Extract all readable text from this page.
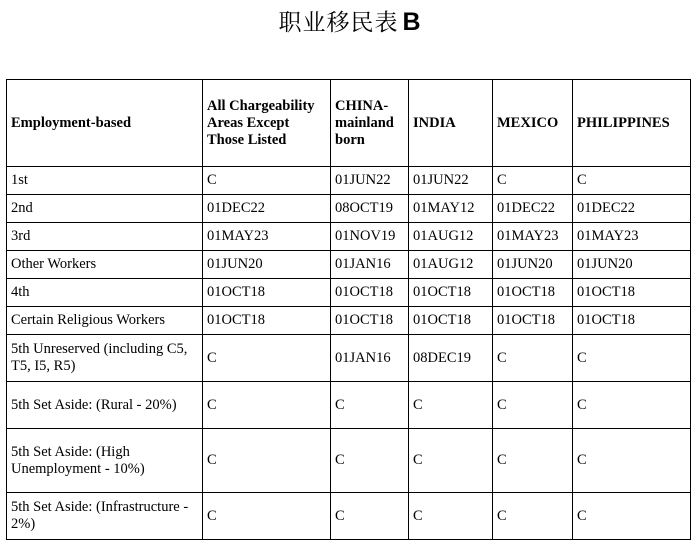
职业移民表 B
Employment-based	All Chargeability Areas Except Those Listed	CHINA-mainland born	INDIA	MEXICO	PHILIPPINES
1st	C	01JUN22	01JUN22	C	C
2nd	01DEC22	08OCT19	01MAY12	01DEC22	01DEC22
3rd	01MAY23	01NOV19	01AUG12	01MAY23	01MAY23
Other Workers	01JUN20	01JAN16	01AUG12	01JUN20	01JUN20
4th	01OCT18	01OCT18	01OCT18	01OCT18	01OCT18
Certain Religious Workers	01OCT18	01OCT18	01OCT18	01OCT18	01OCT18
5th Unreserved (including C5, T5, I5, R5)	C	01JAN16	08DEC19	C	C
5th Set Aside: (Rural - 20%)	C	C	C	C	C
5th Set Aside: (High Unemployment - 10%)	C	C	C	C	C
5th Set Aside: (Infrastructure - 2%)	C	C	C	C	C
